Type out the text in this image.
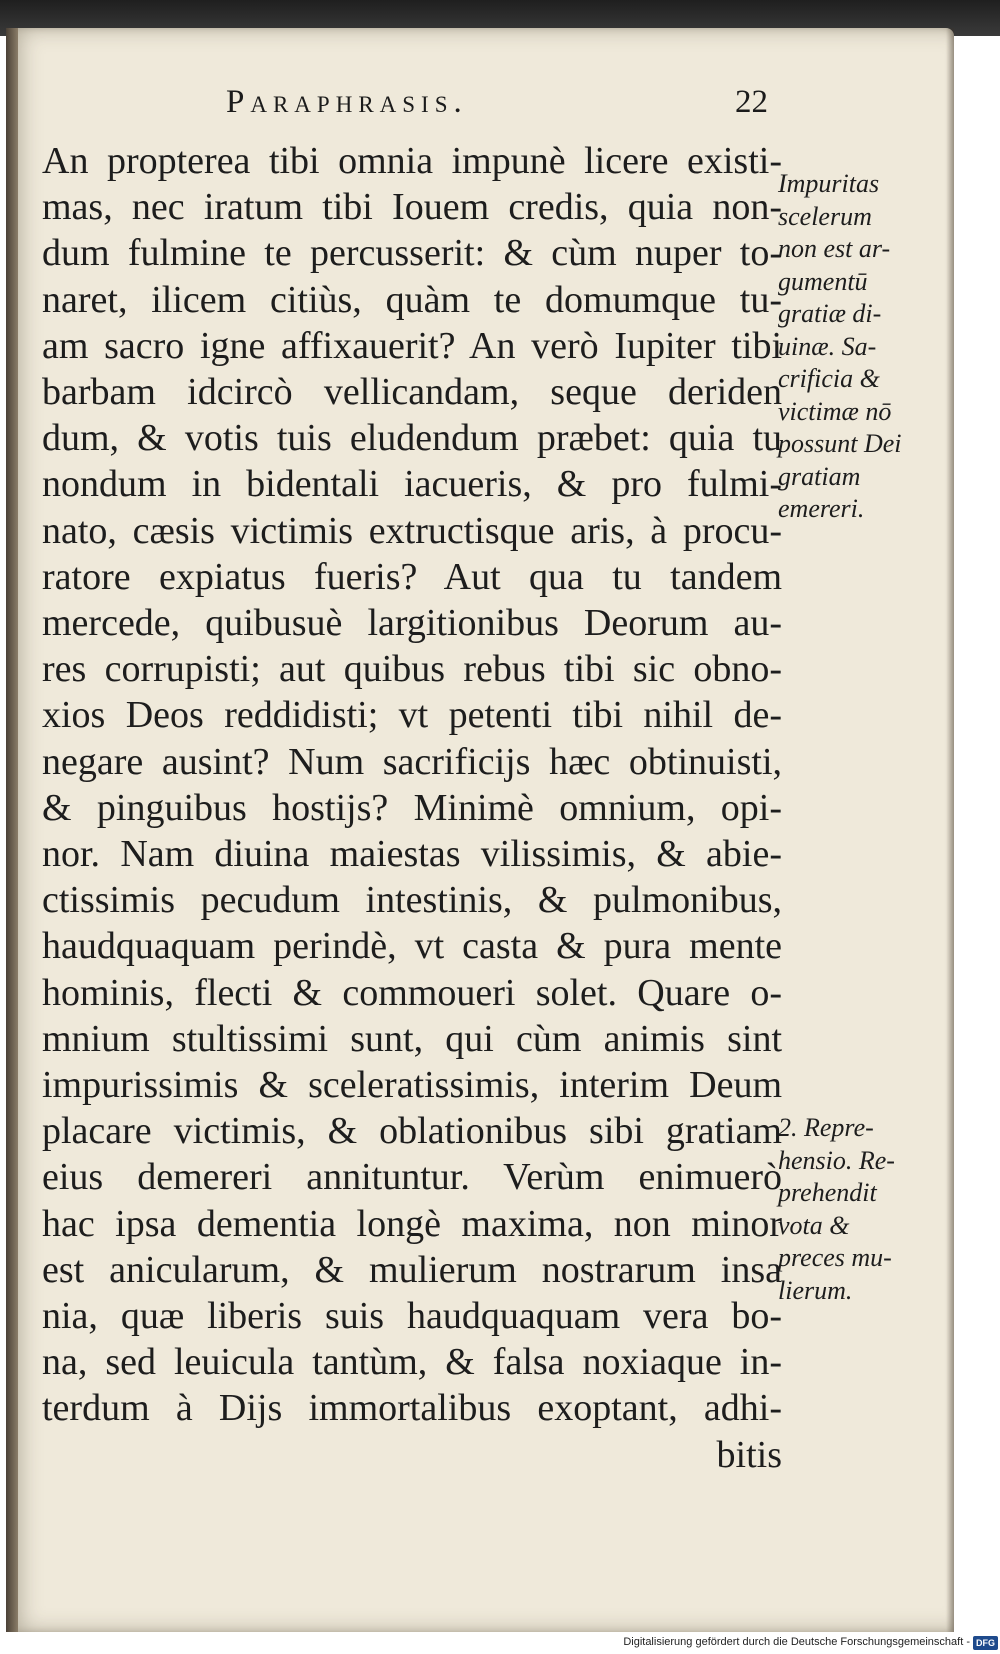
Paraphrasis.	22
An propterea tibi omnia impunè licere existi-
mas, nec iratum tibi Iouem credis, quia non-
dum fulmine te percusserit: & cùm nuper to-
naret, ilicem citiùs, quàm te domumque tu-
am sacro igne affixauerit? An verò Iupiter tibi
barbam idcircò vellicandam, seque deriden
dum, & votis tuis eludendum præbet: quia tu
nondum in bidentali iacueris, & pro fulmi-
nato, cæsis victimis extructisque aris, à procu-
ratore expiatus fueris? Aut qua tu tandem
mercede, quibusuè largitionibus Deorum au-
res corrupisti; aut quibus rebus tibi sic obno-
xios Deos reddidisti; vt petenti tibi nihil de-
negare ausint? Num sacrificijs hæc obtinuisti,
& pinguibus hostijs? Minimè omnium, opi-
nor. Nam diuina maiestas vilissimis, & abie-
ctissimis pecudum intestinis, & pulmonibus,
haudquaquam perindè, vt casta & pura mente
hominis, flecti & commoueri solet. Quare o-
mnium stultissimi sunt, qui cùm animis sint
impurissimis & sceleratissimis, interim Deum
placare victimis, & oblationibus sibi gratiam
eius demereri annituntur. Verùm enimuerò
hac ipsa dementia longè maxima, non minor
est anicularum, & mulierum nostrarum insa
nia, quæ liberis suis haudquaquam vera bo-
na, sed leuicula tantùm, & falsa noxiaque in-
terdum à Dijs immortalibus exoptant, adhi-
bitis
Impuritas
scelerum
non est ar-
gumentū
gratiæ di-
uinæ. Sa-
crificia &
victimæ nō
possunt Dei
gratiam
emereri.
2. Repre-
hensio. Re-
prehendit
vota &
preces mu-
lierum.
Digitalisierung gefördert durch die Deutsche Forschungsgemeinschaft - DFG
